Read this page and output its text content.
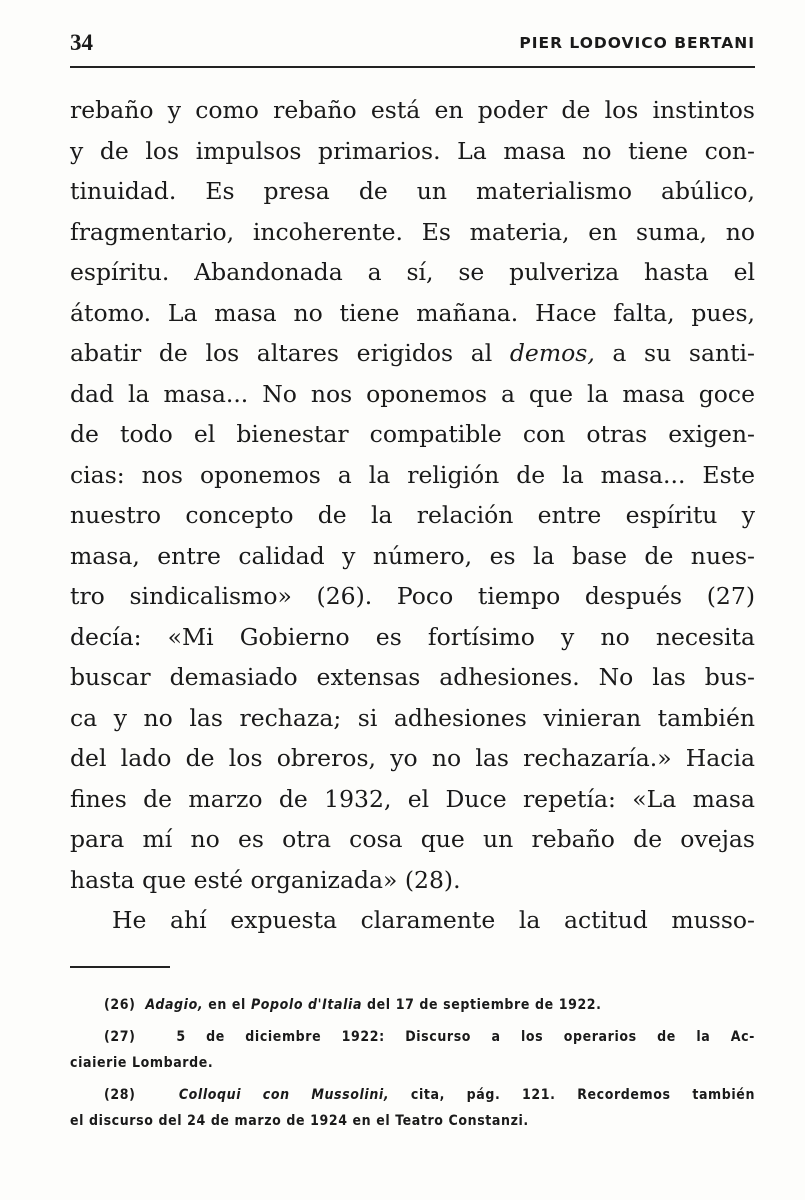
34	PIER LODOVICO BERTANI

rebaño y como rebaño está en poder de los instintos
y de los impulsos primarios. La masa no tiene con-
tinuidad. Es presa de un materialismo abúlico,
fragmentario, incoherente. Es materia, en suma, no
espíritu. Abandonada a sí, se pulveriza hasta el
átomo. La masa no tiene mañana. Hace falta, pues,
abatir de los altares erigidos al demos, a su santi-
dad la masa... No nos oponemos a que la masa goce
de todo el bienestar compatible con otras exigen-
cias: nos oponemos a la religión de la masa... Este
nuestro concepto de la relación entre espíritu y
masa, entre calidad y número, es la base de nues-
tro sindicalismo» (26). Poco tiempo después (27)
decía: «Mi Gobierno es fortísimo y no necesita
buscar demasiado extensas adhesiones. No las bus-
ca y no las rechaza; si adhesiones vinieran también
del lado de los obreros, yo no las rechazaría.» Hacia
fines de marzo de 1932, el Duce repetía: «La masa
para mí no es otra cosa que un rebaño de ovejas
hasta que esté organizada» (28).

He ahí expuesta claramente la actitud musso-

(26) Adagio, en el Popolo d'Italia del 17 de septiembre de 1922.
(27)  5 de diciembre 1922: Discurso a los operarios de la Ac-
ciaierie Lombarde.
(28)	Colloqui con Mussolini, cita, pág. 121. Recordemos también
el discurso del 24 de marzo de 1924 en el Teatro Constanzi.
